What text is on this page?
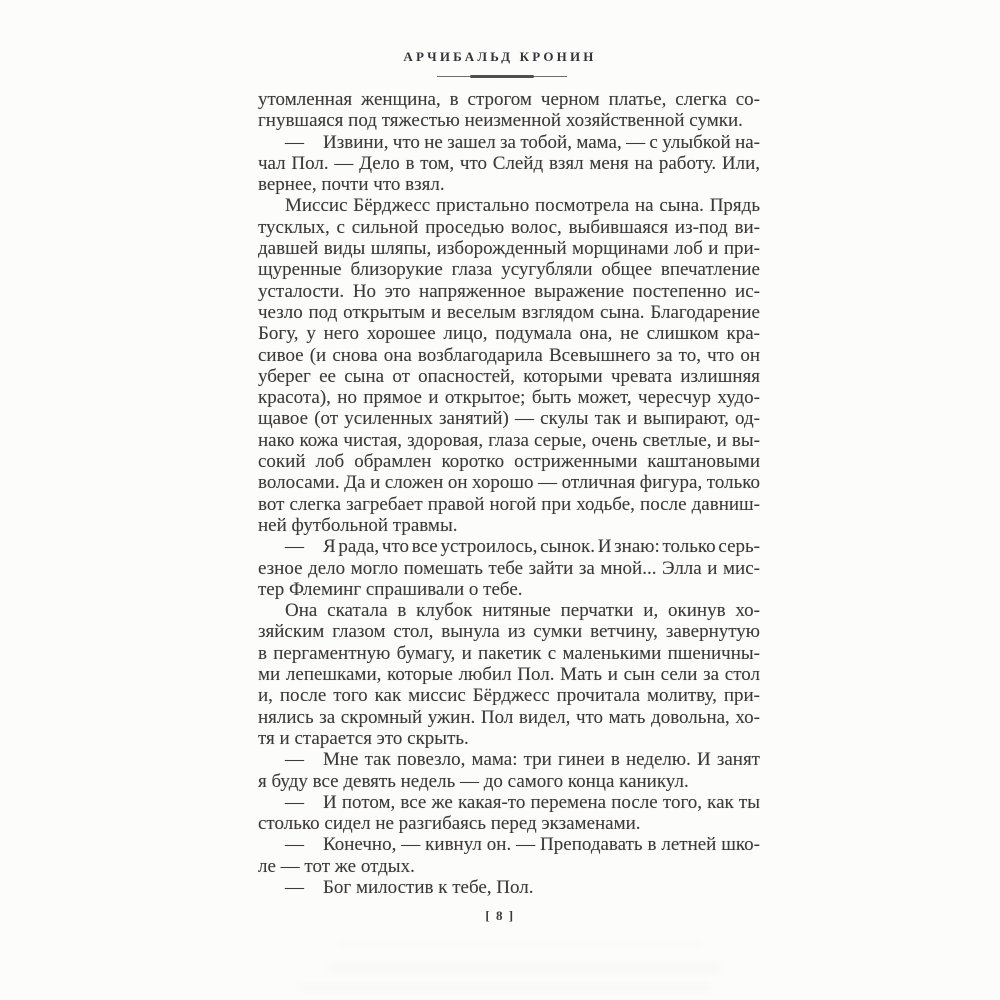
АРЧИБАЛЬД КРОНИН
утомленная женщина, в строгом черном платье, слегка со-
гнувшаяся под тяжестью неизменной хозяйственной сумки.
— Извини, что не зашел за тобой, мама, — с улыбкой на-
чал Пол. — Дело в том, что Слейд взял меня на работу. Или,
вернее, почти что взял.
Миссис Бёрджесс пристально посмотрела на сына. Прядь
тусклых, с сильной проседью волос, выбившаяся из-под ви-
давшей виды шляпы, изборожденный морщинами лоб и при-
щуренные близорукие глаза усугубляли общее впечатление
усталости. Но это напряженное выражение постепенно ис-
чезло под открытым и веселым взглядом сына. Благодарение
Богу, у него хорошее лицо, подумала она, не слишком кра-
сивое (и снова она возблагодарила Всевышнего за то, что он
уберег ее сына от опасностей, которыми чревата излишняя
красота), но прямое и открытое; быть может, чересчур худо-
щавое (от усиленных занятий) — скулы так и выпирают, од-
нако кожа чистая, здоровая, глаза серые, очень светлые, и вы-
сокий лоб обрамлен коротко остриженными каштановыми
волосами. Да и сложен он хорошо — отличная фигура, только
вот слегка загребает правой ногой при ходьбе, после давниш-
ней футбольной травмы.
— Я рада, что все устроилось, сынок. И знаю: только серь-
езное дело могло помешать тебе зайти за мной... Элла и мис-
тер Флеминг спрашивали о тебе.
Она скатала в клубок нитяные перчатки и, окинув хо-
зяйским глазом стол, вынула из сумки ветчину, завернутую
в пергаментную бумагу, и пакетик с маленькими пшеничны-
ми лепешками, которые любил Пол. Мать и сын сели за стол
и, после того как миссис Бёрджесс прочитала молитву, при-
нялись за скромный ужин. Пол видел, что мать довольна, хо-
тя и старается это скрыть.
— Мне так повезло, мама: три гинеи в неделю. И занят
я буду все девять недель — до самого конца каникул.
— И потом, все же какая-то перемена после того, как ты
столько сидел не разгибаясь перед экзаменами.
— Конечно, — кивнул он. — Преподавать в летней шко-
ле — тот же отдых.
— Бог милостив к тебе, Пол.
[ 8 ]
